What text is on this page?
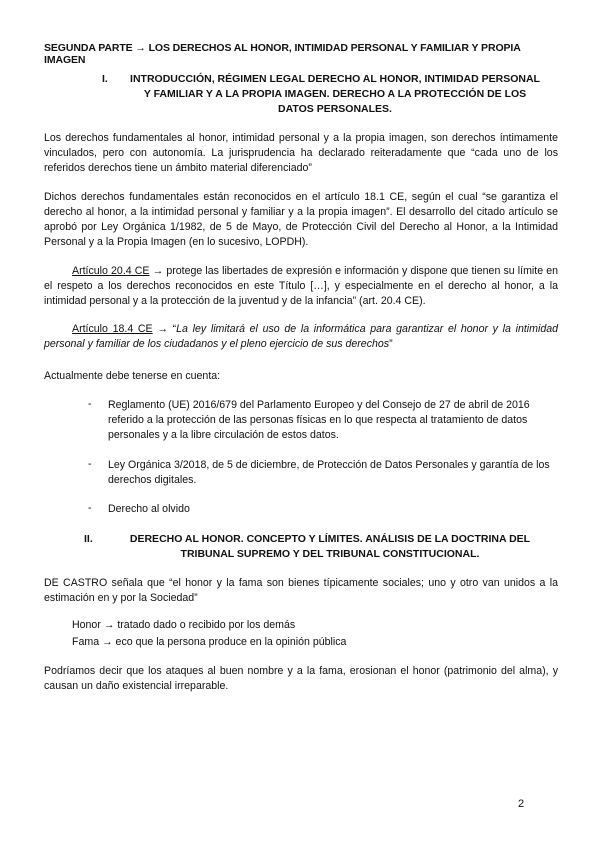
SEGUNDA PARTE → LOS DERECHOS AL HONOR, INTIMIDAD PERSONAL Y FAMILIAR Y PROPIA IMAGEN
I.	INTRODUCCIÓN, RÉGIMEN LEGAL DERECHO AL HONOR, INTIMIDAD PERSONAL Y FAMILIAR Y A LA PROPIA IMAGEN. DERECHO A LA PROTECCIÓN DE LOS DATOS PERSONALES.
Los derechos fundamentales al honor, intimidad personal y a la propia imagen, son derechos íntimamente vinculados, pero con autonomía. La jurisprudencia ha declarado reiteradamente que “cada uno de los referidos derechos tiene un ámbito material diferenciado”
Dichos derechos fundamentales están reconocidos en el artículo 18.1 CE, según el cual “se garantiza el derecho al honor, a la intimidad personal y familiar y a la propia imagen”. El desarrollo del citado artículo se aprobó por Ley Orgánica 1/1982, de 5 de Mayo, de Protección Civil del Derecho al Honor, a la Intimidad Personal y a la Propia Imagen (en lo sucesivo, LOPDH).
Artículo 20.4 CE → protege las libertades de expresión e información y dispone que tienen su límite en el respeto a los derechos reconocidos en este Título […], y especialmente en el derecho al honor, a la intimidad personal y a la protección de la juventud y de la infancia” (art. 20.4 CE).
Artículo 18.4 CE → “La ley limitará el uso de la informática para garantizar el honor y la intimidad personal y familiar de los ciudadanos y el pleno ejercicio de sus derechos”
Actualmente debe tenerse en cuenta:
- Reglamento (UE) 2016/679 del Parlamento Europeo y del Consejo de 27 de abril de 2016 referido a la protección de las personas físicas en lo que respecta al tratamiento de datos personales y a la libre circulación de estos datos.
- Ley Orgánica 3/2018, de 5 de diciembre, de Protección de Datos Personales y garantía de los derechos digitales.
- Derecho al olvido
II.	DERECHO AL HONOR. CONCEPTO Y LÍMITES. ANÁLISIS DE LA DOCTRINA DEL TRIBUNAL SUPREMO Y DEL TRIBUNAL CONSTITUCIONAL.
DE CASTRO señala que “el honor y la fama son bienes típicamente sociales; uno y otro van unidos a la estimación en y por la Sociedad”
Honor → tratado dado o recibido por los demás
Fama → eco que la persona produce en la opinión pública
Podríamos decir que los ataques al buen nombre y a la fama, erosionan el honor (patrimonio del alma), y causan un daño existencial irreparable.
2
